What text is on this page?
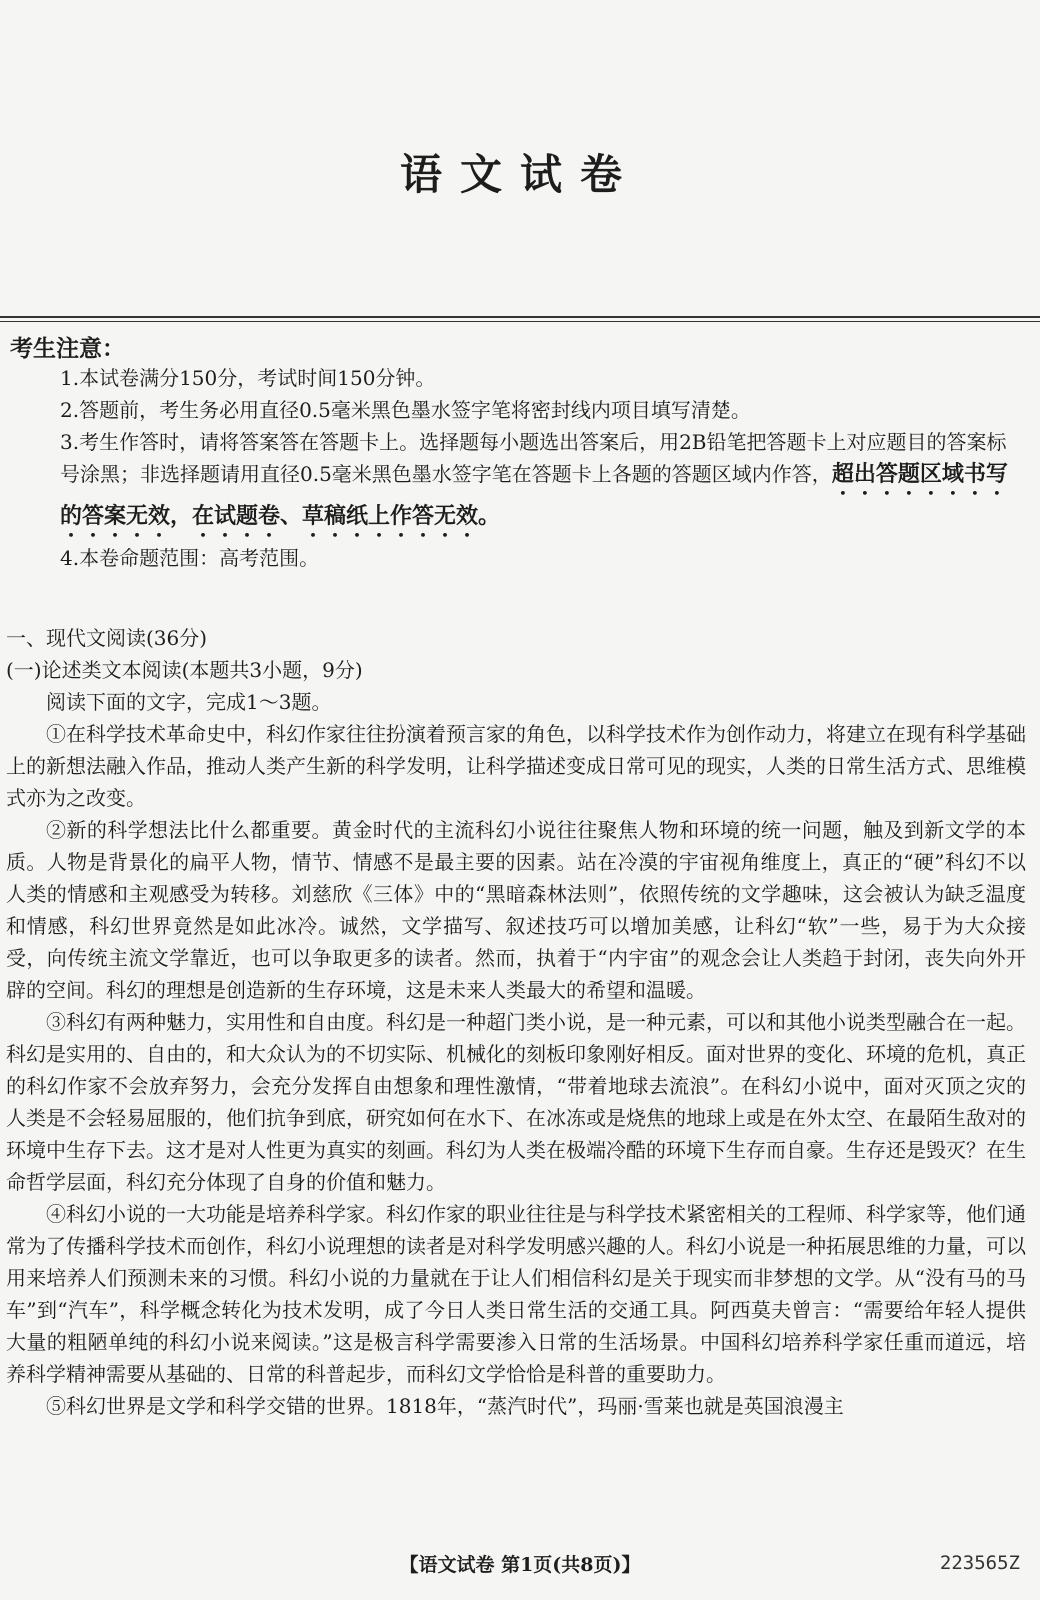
语文试卷
考生注意：

1.本试卷满分150分，考试时间150分钟。

2.答题前，考生务必用直径0.5毫米黑色墨水签字笔将密封线内项目填写清楚。

3.考生作答时，请将答案答在答题卡上。选择题每小题选出答案后，用2B铅笔把答题卡上对应题目的答案标号涂黑；非选择题请用直径0.5毫米黑色墨水签字笔在答题卡上各题的答题区域内作答，超出答题区域书写的答案无效，在试题卷、草稿纸上作答无效。

4.本卷命题范围：高考范围。

一、现代文阅读(36分)

(一)论述类文本阅读(本题共3小题，9分)

阅读下面的文字，完成1～3题。

①在科学技术革命史中，科幻作家往往扮演着预言家的角色，以科学技术作为创作动力，将建立在现有科学基础上的新想法融入作品，推动人类产生新的科学发明，让科学描述变成日常可见的现实，人类的日常生活方式、思维模式亦为之改变。

②新的科学想法比什么都重要。黄金时代的主流科幻小说往往聚焦人物和环境的统一问题，触及到新文学的本质。人物是背景化的扁平人物，情节、情感不是最主要的因素。站在冷漠的宇宙视角维度上，真正的“硬”科幻不以人类的情感和主观感受为转移。刘慈欣《三体》中的“黑暗森林法则”，依照传统的文学趣味，这会被认为缺乏温度和情感，科幻世界竟然是如此冰冷。诚然，文学描写、叙述技巧可以增加美感，让科幻“软”一些，易于为大众接受，向传统主流文学靠近，也可以争取更多的读者。然而，执着于“内宇宙”的观念会让人类趋于封闭，丧失向外开辟的空间。科幻的理想是创造新的生存环境，这是未来人类最大的希望和温暖。

③科幻有两种魅力，实用性和自由度。科幻是一种超门类小说，是一种元素，可以和其他小说类型融合在一起。科幻是实用的、自由的，和大众认为的不切实际、机械化的刻板印象刚好相反。面对世界的变化、环境的危机，真正的科幻作家不会放弃努力，会充分发挥自由想象和理性激情，“带着地球去流浪”。在科幻小说中，面对灭顶之灾的人类是不会轻易屈服的，他们抗争到底，研究如何在水下、在冰冻或是烧焦的地球上或是在外太空、在最陌生敌对的环境中生存下去。这才是对人性更为真实的刻画。科幻为人类在极端冷酷的环境下生存而自豪。生存还是毁灭？在生命哲学层面，科幻充分体现了自身的价值和魅力。

④科幻小说的一大功能是培养科学家。科幻作家的职业往往是与科学技术紧密相关的工程师、科学家等，他们通常为了传播科学技术而创作，科幻小说理想的读者是对科学发明感兴趣的人。科幻小说是一种拓展思维的力量，可以用来培养人们预测未来的习惯。科幻小说的力量就在于让人们相信科幻是关于现实而非梦想的文学。从“没有马的马车”到“汽车”，科学概念转化为技术发明，成了今日人类日常生活的交通工具。阿西莫夫曾言：“需要给年轻人提供大量的粗陋单纯的科幻小说来阅读。”这是极言科学需要渗入日常的生活场景。中国科幻培养科学家任重而道远，培养科学精神需要从基础的、日常的科普起步，而科幻文学恰恰是科普的重要助力。

⑤科幻世界是文学和科学交错的世界。1818年，“蒸汽时代”，玛丽·雪莱也就是英国浪漫主

【语文试卷 第1页(共8页)】	223565Z
